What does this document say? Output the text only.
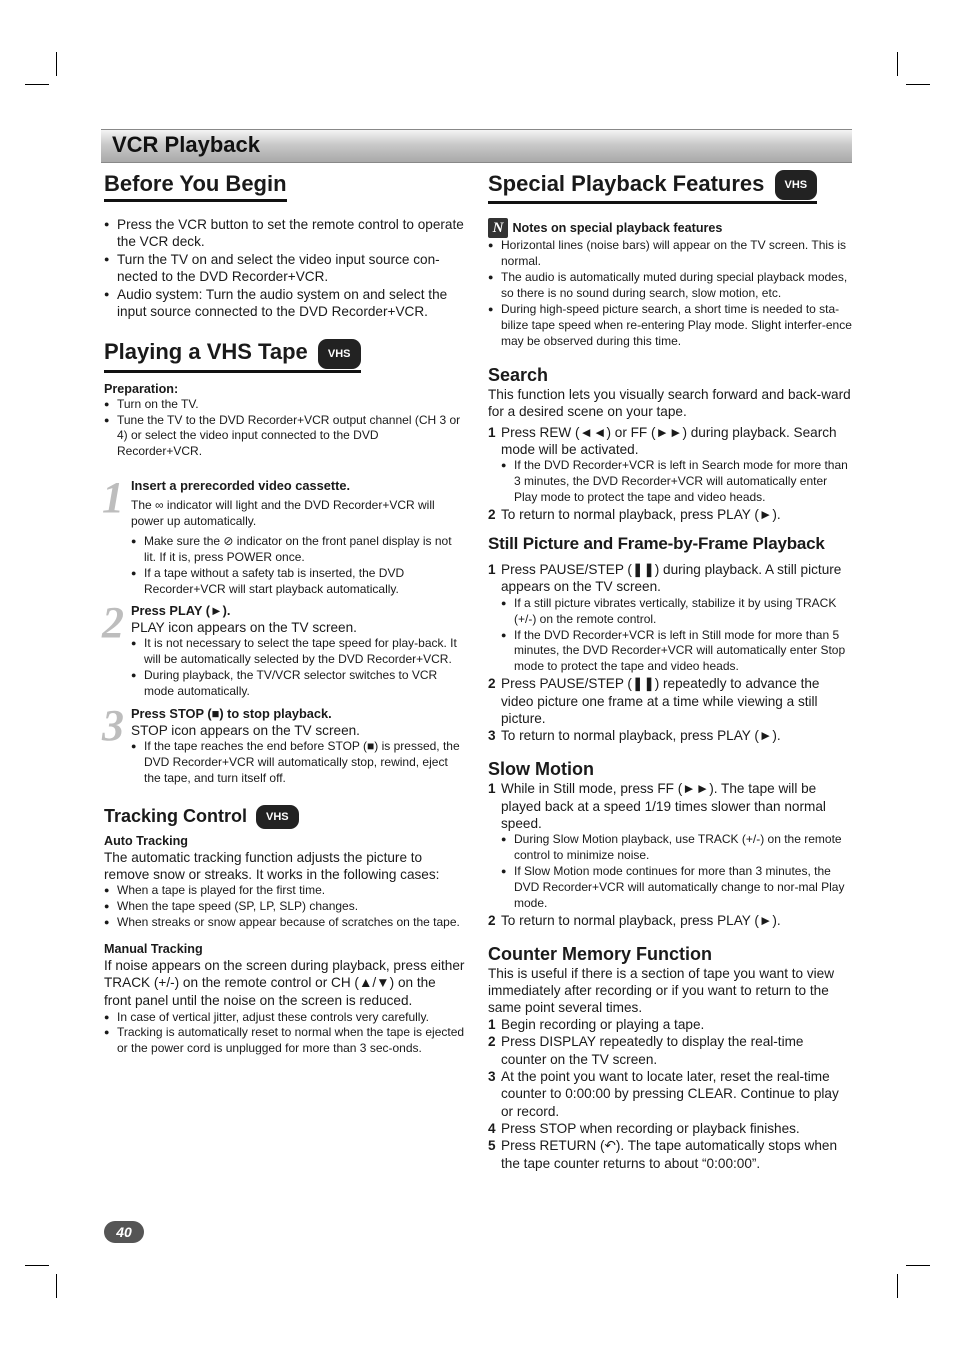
VCR Playback
Before You Begin
● Press the VCR button to set the remote control to operate the VCR deck.
● Turn the TV on and select the video input source con-nected to the DVD Recorder+VCR.
● Audio system: Turn the audio system on and select the input source connected to the DVD Recorder+VCR.
Playing a VHS Tape VHS

Preparation:

● Turn on the TV.
● Tune the TV to the DVD Recorder+VCR output channel (CH 3 or 4) or select the video input connected to the DVD Recorder+VCR.
1 Insert a prerecorded video cassette.

The ∞ indicator will light and the DVD Recorder+VCR will power up automatically.

● Make sure the ⊘ indicator on the front panel display is not lit. If it is, press POWER once.
● If a tape without a safety tab is inserted, the DVD Recorder+VCR will start playback automatically.
2 Press PLAY (►).

PLAY icon appears on the TV screen.

● It is not necessary to select the tape speed for play-back. It will be automatically selected by the DVD Recorder+VCR.
● During playback, the TV/VCR selector switches to VCR mode automatically.
3 Press STOP (■) to stop playback.

STOP icon appears on the TV screen.

● If the tape reaches the end before STOP (■) is pressed, the DVD Recorder+VCR will automatically stop, rewind, eject the tape, and turn itself off.
Tracking Control VHS

Auto Tracking

The automatic tracking function adjusts the picture to remove snow or streaks. It works in the following cases:

● When a tape is played for the first time.
● When the tape speed (SP, LP, SLP) changes.
● When streaks or snow appear because of scratches on the tape.

Manual Tracking

If noise appears on the screen during playback, press either TRACK (+/-) on the remote control or CH (▲/▼) on the front panel until the noise on the screen is reduced.

● In case of vertical jitter, adjust these controls very carefully.
● Tracking is automatically reset to normal when the tape is ejected or the power cord is unplugged for more than 3 sec-onds.
Special Playback Features VHS
N Notes on special playback features
● Horizontal lines (noise bars) will appear on the TV screen. This is normal.
● The audio is automatically muted during special playback modes, so there is no sound during search, slow motion, etc.
● During high-speed picture search, a short time is needed to sta-bilize tape speed when re-entering Play mode. Slight interfer-ence may be observed during this time.
Search

This function lets you visually search forward and back-ward for a desired scene on your tape.

1 Press REW (◄◄) or FF (►►) during playback. Search mode will be activated.
● If the DVD Recorder+VCR is left in Search mode for more than 3 minutes, the DVD Recorder+VCR will automatically enter Play mode to protect the tape and video heads.
2 To return to normal playback, press PLAY (►).
Still Picture and Frame-by-Frame Playback
1 Press PAUSE/STEP (❚❚) during playback. A still picture appears on the TV screen.
● If a still picture vibrates vertically, stabilize it by using TRACK (+/-) on the remote control.
● If the DVD Recorder+VCR is left in Still mode for more than 5 minutes, the DVD Recorder+VCR will automatically enter Stop mode to protect the tape and video heads.
2 Press PAUSE/STEP (❚❚) repeatedly to advance the video picture one frame at a time while viewing a still picture.
3 To return to normal playback, press PLAY (►).
Slow Motion
1 While in Still mode, press FF (►►). The tape will be played back at a speed 1/19 times slower than normal speed.
● During Slow Motion playback, use TRACK (+/-) on the remote control to minimize noise.
● If Slow Motion mode continues for more than 3 minutes, the DVD Recorder+VCR will automatically change to nor-mal Play mode.
2 To return to normal playback, press PLAY (►).
Counter Memory Function

This is useful if there is a section of tape you want to view immediately after recording or if you want to return to the same point several times.

1 Begin recording or playing a tape.
2 Press DISPLAY repeatedly to display the real-time counter on the TV screen.
3 At the point you want to locate later, reset the real-time counter to 0:00:00 by pressing CLEAR. Continue to play or record.
4 Press STOP when recording or playback finishes.
5 Press RETURN (↶). The tape automatically stops when the tape counter returns to about “0:00:00”.
40
